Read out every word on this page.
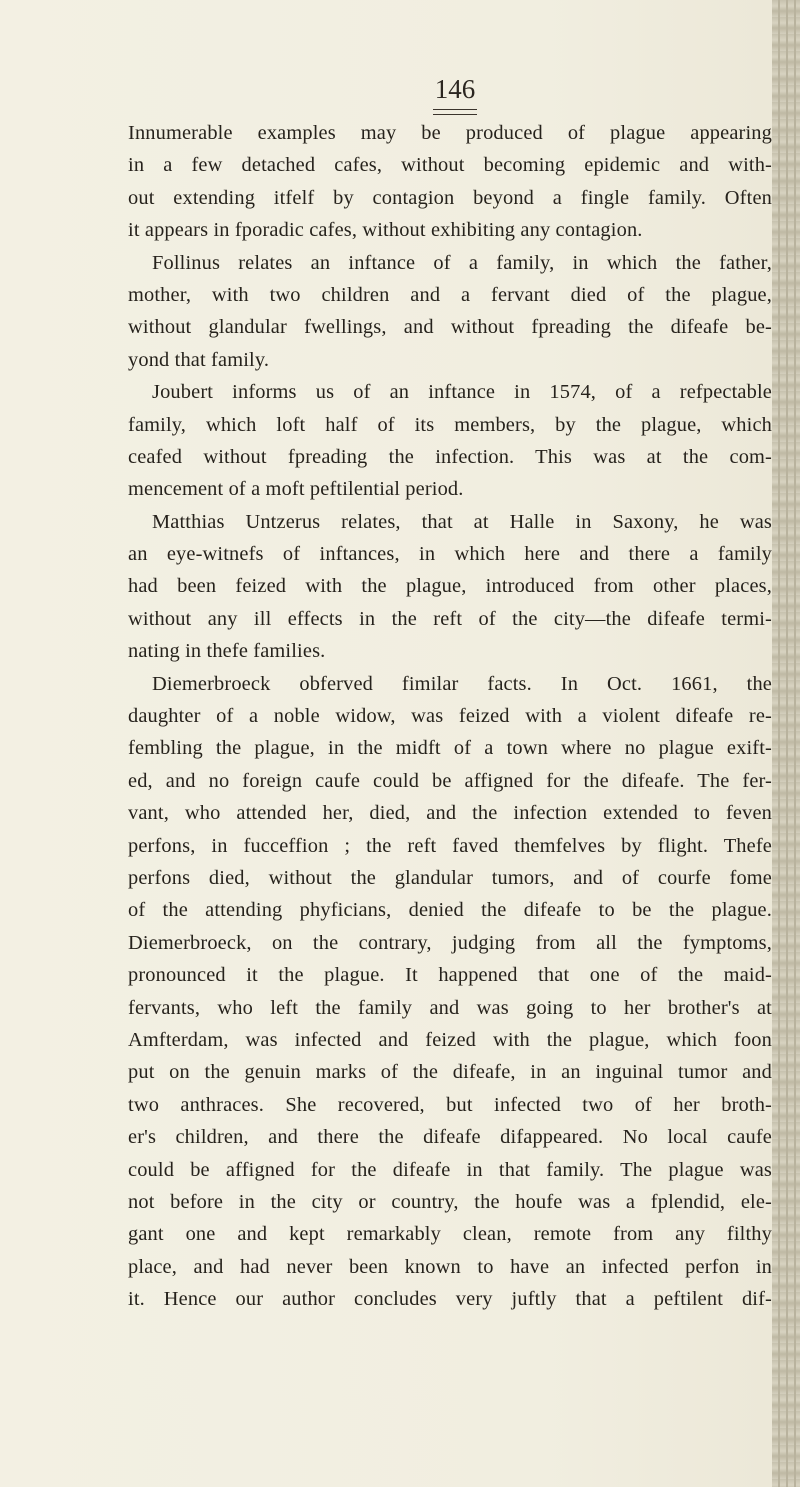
146
Innumerable examples may be produced of plague appearing
in a few detached cafes, without becoming epidemic and with-
out extending itfelf by contagion beyond a fingle family. Often
it appears in fporadic cafes, without exhibiting any contagion.
Follinus relates an inftance of a family, in which the father,
mother, with two children and a fervant died of the plague,
without glandular fwellings, and without fpreading the difeafe be-
yond that family.
Joubert informs us of an inftance in 1574, of a refpectable
family, which loft half of its members, by the plague, which
ceafed without fpreading the infection. This was at the com-
mencement of a moft peftilential period.
Matthias Untzerus relates, that at Halle in Saxony, he was
an eye-witnefs of inftances, in which here and there a family
had been feized with the plague, introduced from other places,
without any ill effects in the reft of the city—the difeafe termi-
nating in thefe families.
Diemerbroeck obferved fimilar facts. In Oct. 1661, the
daughter of a noble widow, was feized with a violent difeafe re-
fembling the plague, in the midft of a town where no plague exift-
ed, and no foreign caufe could be affigned for the difeafe. The fer-
vant, who attended her, died, and the infection extended to feven
perfons, in fucceffion ; the reft faved themfelves by flight. Thefe
perfons died, without the glandular tumors, and of courfe fome
of the attending phyficians, denied the difeafe to be the plague.
Diemerbroeck, on the contrary, judging from all the fymptoms,
pronounced it the plague. It happened that one of the maid-
fervants, who left the family and was going to her brother's at
Amfterdam, was infected and feized with the plague, which foon
put on the genuin marks of the difeafe, in an inguinal tumor and
two anthraces. She recovered, but infected two of her broth-
er's children, and there the difeafe difappeared. No local caufe
could be affigned for the difeafe in that family. The plague was
not before in the city or country, the houfe was a fplendid, ele-
gant one and kept remarkably clean, remote from any filthy
place, and had never been known to have an infected perfon in
it. Hence our author concludes very juftly that a peftilent dif-
